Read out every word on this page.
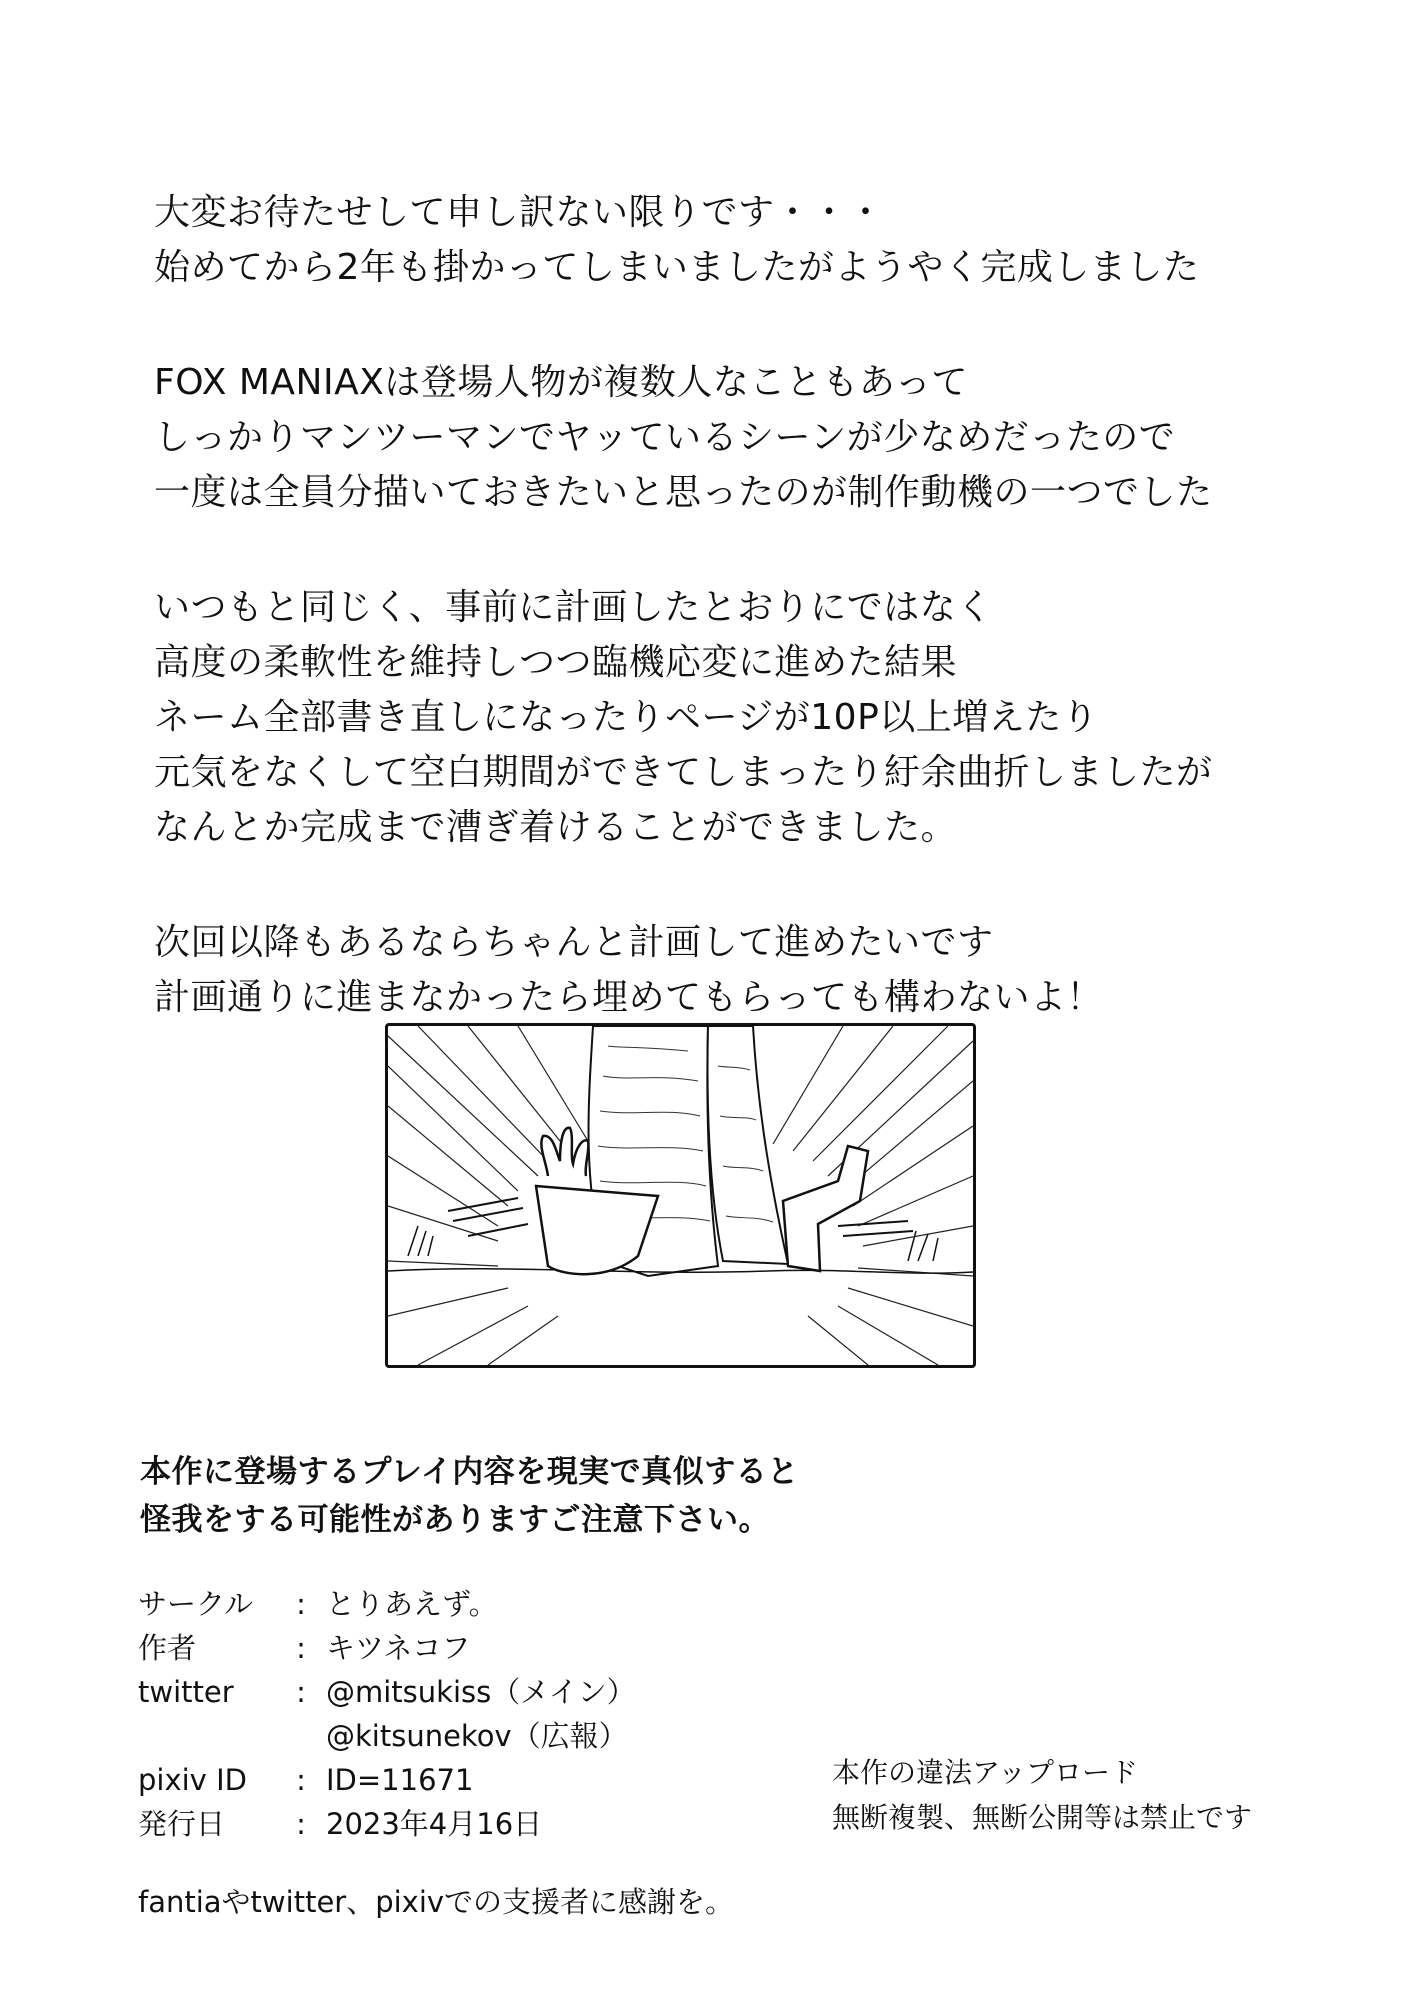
大変お待たせして申し訳ない限りです・・・
始めてから2年も掛かってしまいましたがようやく完成しました

FOX MANIAXは登場人物が複数人なこともあって
しっかりマンツーマンでヤッているシーンが少なめだったので
一度は全員分描いておきたいと思ったのが制作動機の一つでした

いつもと同じく、事前に計画したとおりにではなく
高度の柔軟性を維持しつつ臨機応変に進めた結果
ネーム全部書き直しになったりページが10P以上増えたり
元気をなくして空白期間ができてしまったり紆余曲折しましたが
なんとか完成まで漕ぎ着けることができました。

次回以降もあるならちゃんと計画して進めたいです
計画通りに進まなかったら埋めてもらっても構わないよ！

本作に登場するプレイ内容を現実で真似すると
怪我をする可能性がありますご注意下さい。
サークル	: とりあえず。
作者	: キツネコフ
twitter	: @mitsukiss（メイン）
@kitsunekov（広報）
pixiv ID	: ID=11671
発行日	: 2023年4月16日
本作の違法アップロード
無断複製、無断公開等は禁止です
fantiaやtwitter、pixivでの支援者に感謝を。
